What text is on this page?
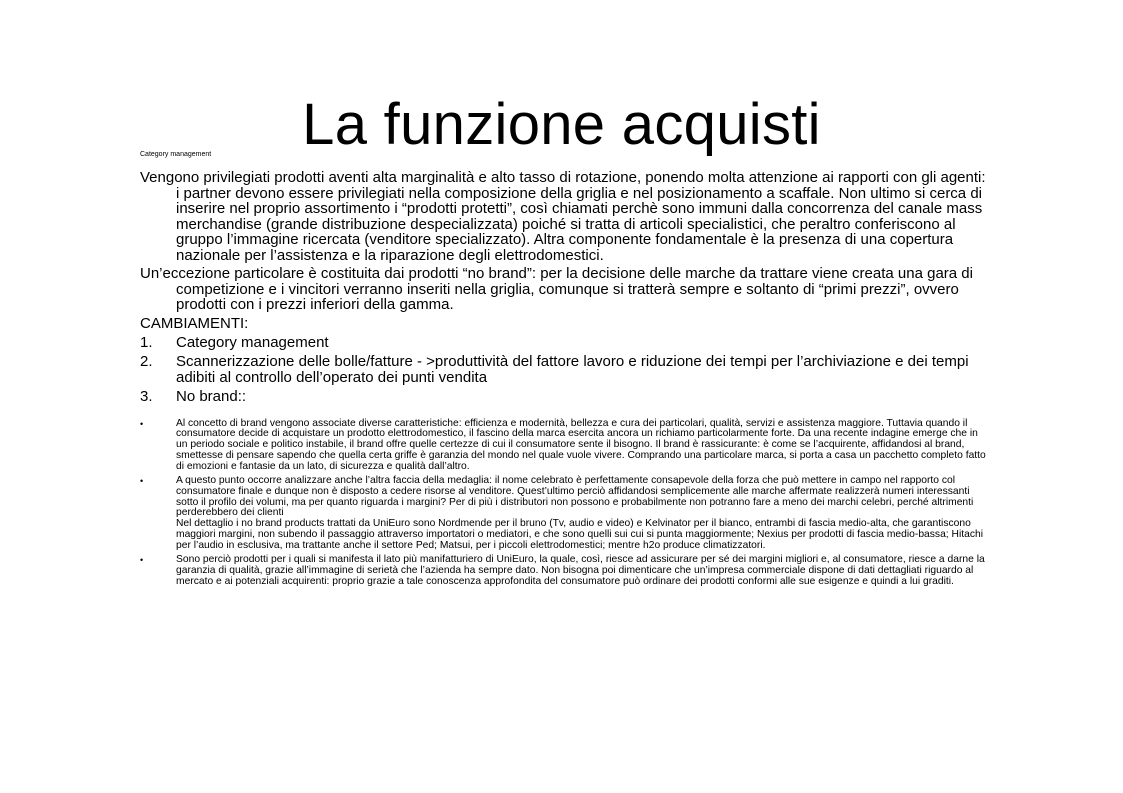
La funzione acquisti
Category management

Vengono privilegiati prodotti aventi alta marginalità e alto tasso di rotazione, ponendo molta attenzione ai rapporti con gli agenti: i partner devono essere privilegiati nella composizione della griglia e nel posizionamento a scaffale. Non ultimo si cerca di inserire nel proprio assortimento i “prodotti protetti”, così chiamati perchè sono immuni dalla concorrenza del canale mass merchandise (grande distribuzione despecializzata) poiché si tratta di articoli specialistici, che peraltro conferiscono al gruppo l’immagine ricercata (venditore specializzato). Altra componente fondamentale è la presenza di una copertura nazionale per l’assistenza e la riparazione degli elettrodomestici.

Un’eccezione particolare è costituita dai prodotti “no brand”: per la decisione delle marche da trattare viene creata una gara di competizione e i vincitori verranno inseriti nella griglia, comunque si tratterà sempre e soltanto di “primi prezzi”, ovvero prodotti con i prezzi inferiori della gamma.

CAMBIAMENTI:
1.	Category management
2.	Scannerizzazione delle bolle/fatture - >produttività del fattore lavoro e riduzione dei tempi per l’archiviazione e dei tempi adibiti al controllo dell’operato dei punti vendita
3.	No brand::
•	Al concetto di brand vengono associate diverse caratteristiche: efficienza e modernità, bellezza e cura dei particolari, qualità, servizi e assistenza maggiore. Tuttavia quando il consumatore decide di acquistare un prodotto elettrodomestico, il fascino della marca esercita ancora un richiamo particolarmente forte. Da una recente indagine emerge che in un periodo sociale e politico instabile, il brand offre quelle certezze di cui il consumatore sente il bisogno. Il brand è rassicurante: è come se l’acquirente, affidandosi al brand, smettesse di pensare sapendo che quella certa griffe è garanzia del mondo nel quale vuole vivere. Comprando una particolare marca, si porta a casa un pacchetto completo fatto di emozioni e fantasie da un lato, di sicurezza e qualità dall’altro.

•	A questo punto occorre analizzare anche l’altra faccia della medaglia: il nome celebrato è perfettamente consapevole della forza che può mettere in campo nel rapporto col consumatore finale e dunque non è disposto a cedere risorse al venditore. Quest’ultimo perciò affidandosi semplicemente alle marche affermate realizzerà numeri interessanti sotto il profilo dei volumi, ma per quanto riguarda i margini? Per di più i distributori non possono e probabilmente non potranno fare a meno dei marchi celebri, perché altrimenti perderebbero dei clienti

Nel dettaglio i no brand products trattati da UniEuro sono Nordmende per il bruno (Tv, audio e video) e Kelvinator per il bianco, entrambi di fascia medio-alta, che garantiscono maggiori margini, non subendo il passaggio attraverso importatori o mediatori, e che sono quelli sui cui si punta maggiormente; Nexius per prodotti di fascia medio-bassa; Hitachi per l’audio in esclusiva, ma trattante anche il settore Ped; Matsui, per i piccoli elettrodomestici; mentre h2o produce climatizzatori.

•	Sono perciò prodotti per i quali si manifesta il lato più manifatturiero di UniEuro, la quale, così, riesce ad assicurare per sé dei margini migliori e, al consumatore, riesce a darne la garanzia di qualità, grazie all’immagine di serietà che l’azienda ha sempre dato. Non bisogna poi dimenticare che un’impresa commerciale dispone di dati dettagliati riguardo al mercato e ai potenziali acquirenti: proprio grazie a tale conoscenza approfondita del consumatore può ordinare dei prodotti conformi alle sue esigenze e quindi a lui graditi.
